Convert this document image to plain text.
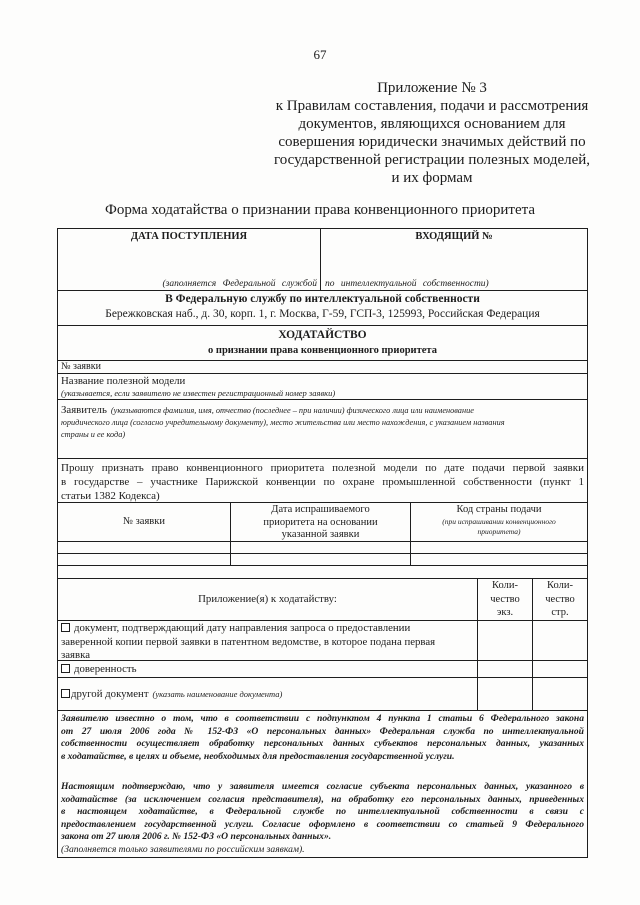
67
Приложение № 3
к Правилам составления, подачи и рассмотрения
документов, являющихся основанием для
совершения юридически значимых действий по
государственной регистрации полезных моделей,
и их формам
Форма ходатайства о признании права конвенционного приоритета
ДАТА ПОСТУПЛЕНИЯ
(заполняется Федеральной службой
ВХОДЯЩИЙ №
по интеллектуальной собственности)
В Федеральную службу по интеллектуальной собственности
Бережковская наб., д. 30, корп. 1, г. Москва, Г-59, ГСП-3, 125993, Российская Федерация
ХОДАТАЙСТВО
о признании права конвенционного приоритета
№ заявки
Название полезной модели
(указывается, если заявителю не известен регистрационный номер заявки)
Заявитель (указываются фамилия, имя, отчество (последнее – при наличии) физического лица или наименование
юридического лица (согласно учредительному документу), место жительства или место нахождения, с указанием названия
страны и ее кода)
Прошу признать право конвенционного приоритета полезной модели по дате подачи первой заявки
в государстве – участнике Парижской конвенции по охране промышленной собственности (пункт 1
статьи 1382 Кодекса)
№ заявки
Дата испрашиваемого
приоритета на основании
указанной заявки
Код страны подачи
(при испрашивании конвенционного
приоритета)
Приложение(я) к ходатайству:
Коли-
чество
экз.
Коли-
чество
стр.
документ, подтверждающий дату направления запроса о предоставлении
заверенной копии первой заявки в патентном ведомстве, в которое подана первая
заявка
доверенность
другой документ (указать наименование документа)
Заявителю известно о том, что в соответствии с подпунктом 4 пункта 1 статьи 6 Федерального закона
от 27 июля 2006 года № 152-ФЗ «О персональных данных» Федеральная служба по интеллектуальной
собственности осуществляет обработку персональных данных субъектов персональных данных, указанных
в ходатайстве, в целях и объеме, необходимых для предоставления государственной услуги.
Настоящим подтверждаю, что у заявителя имеется согласие субъекта персональных данных, указанного в
ходатайстве (за исключением согласия представителя), на обработку его персональных данных, приведенных
в настоящем ходатайстве, в Федеральной службе по интеллектуальной собственности в связи с
предоставлением государственной услуги. Согласие оформлено в соответствии со статьей 9 Федерального
закона от 27 июля 2006 г. № 152-ФЗ «О персональных данных».
(Заполняется только заявителями по российским заявкам).
